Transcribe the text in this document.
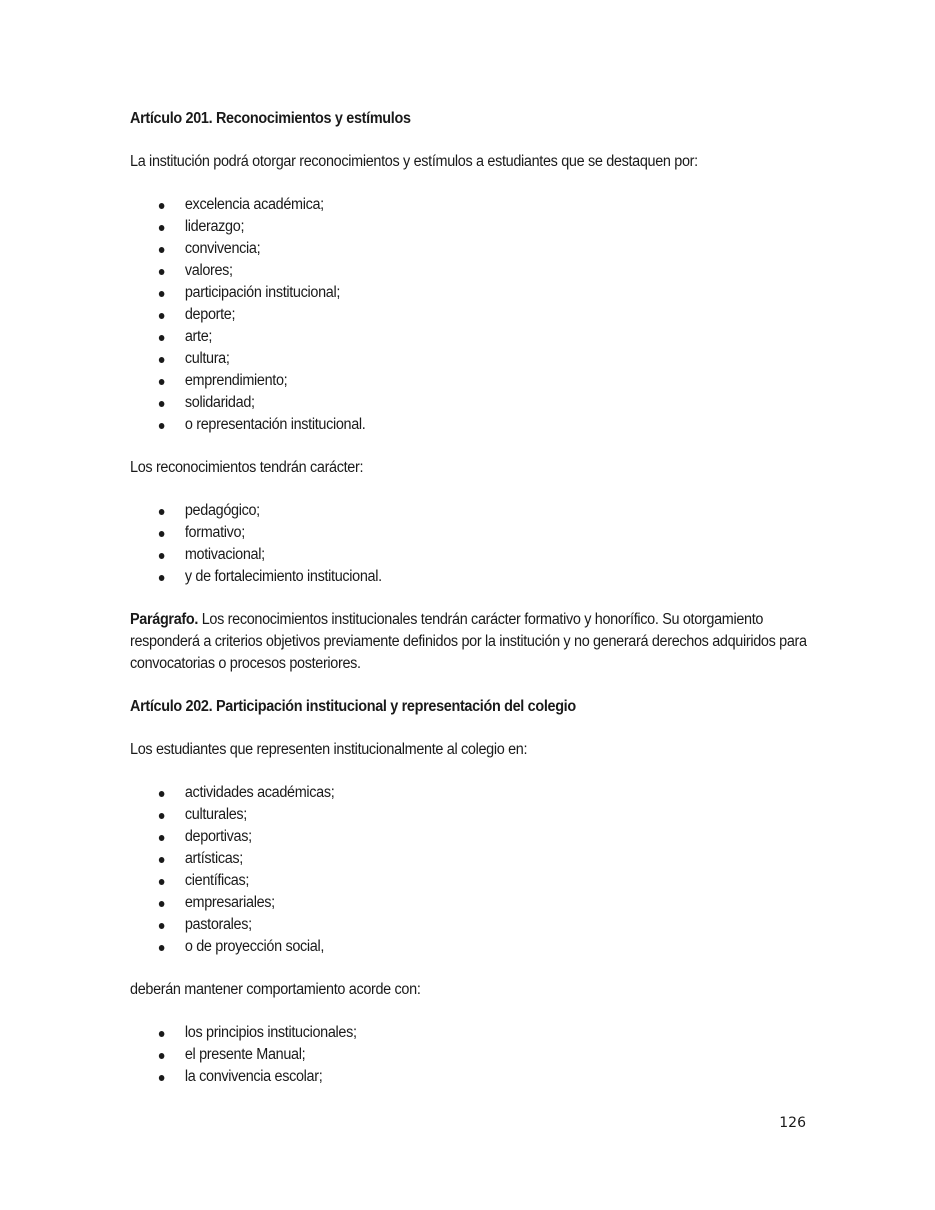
Artículo 201. Reconocimientos y estímulos

La institución podrá otorgar reconocimientos y estímulos a estudiantes que se destaquen por:

excelencia académica;
liderazgo;
convivencia;
valores;
participación institucional;
deporte;
arte;
cultura;
emprendimiento;
solidaridad;
o representación institucional.

Los reconocimientos tendrán carácter:

pedagógico;
formativo;
motivacional;
y de fortalecimiento institucional.

Parágrafo. Los reconocimientos institucionales tendrán carácter formativo y honorífico. Su otorgamiento responderá a criterios objetivos previamente definidos por la institución y no generará derechos adquiridos para convocatorias o procesos posteriores.

Artículo 202. Participación institucional y representación del colegio

Los estudiantes que representen institucionalmente al colegio en:

actividades académicas;
culturales;
deportivas;
artísticas;
científicas;
empresariales;
pastorales;
o de proyección social,

deberán mantener comportamiento acorde con:

los principios institucionales;
el presente Manual;
la convivencia escolar;
126
